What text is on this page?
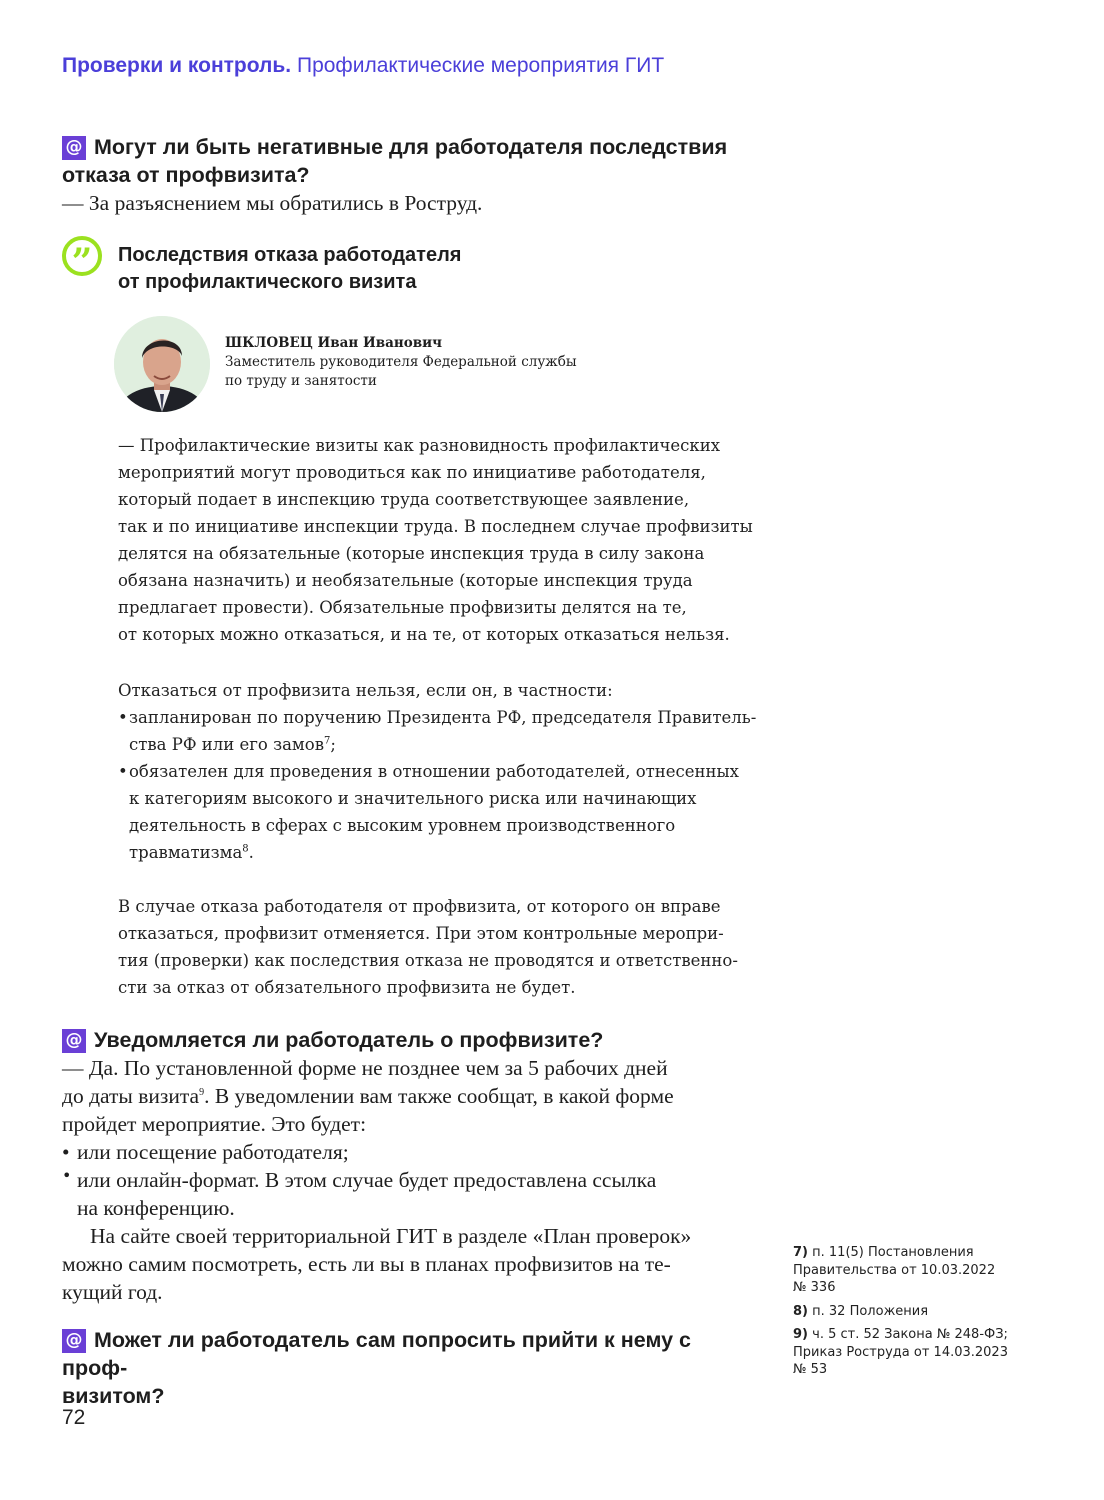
Проверки и контроль. Профилактические мероприятия ГИТ

@ Могут ли быть негативные для работодателя последствия

отказа от профвизита?

— За разъяснением мы обратились в Роструд.

” Последствия отказа работодателя
от профилактического визита
ШКЛОВЕЦ Иван Иванович
Заместитель руководителя Федеральной службы
по труду и занятости

— Профилактические визиты как разновидность профилактических

мероприятий могут проводиться как по инициативе работодателя,

который подает в инспекцию труда соответствующее заявление,

так и по инициативе инспекции труда. В последнем случае профвизиты

делятся на обязательные (которые инспекция труда в силу закона

обязана назначить) и необязательные (которые инспекция труда

предлагает провести). Обязательные профвизиты делятся на те,

от которых можно отказаться, и на те, от которых отказаться нельзя.

Отказаться от профвизита нельзя, если он, в частности:

• запланирован по поручению Президента РФ, председателя Правитель-

ства РФ или его замов$^7$;

• обязателен для проведения в отношении работодателей, отнесенных

к категориям высокого и значительного риска или начинающих

деятельность в сферах с высоким уровнем производственного

травматизма$^8$.

В случае отказа работодателя от профвизита, от которого он вправе

отказаться, профвизит отменяется. При этом контрольные меропри-

тия (проверки) как последствия отказа не проводятся и ответственно-

сти за отказ от обязательного профвизита не будет.

@ Уведомляется ли работодатель о профвизите?

— Да. По установленной форме не позднее чем за 5 рабочих дней

до даты визита$^9$. В уведомлении вам также сообщат, в какой форме

пройдет мероприятие. Это будет:

• или посещение работодателя;

• или онлайн-формат. В этом случае будет предоставлена ссылка

на конференцию.

На сайте своей территориальной ГИТ в разделе «План проверок»

можно самим посмотреть, есть ли вы в планах профвизитов на те-

кущий год.

@ Может ли работодатель сам попросить прийти к нему с проф-

визитом?

7) п. 11(5) Постановления
Правительства от 10.03.2022
№ 336
8) п. 32 Положения
9) ч. 5 ст. 52 Закона № 248-ФЗ;
Приказ Роструда от 14.03.2023
№ 53
72
